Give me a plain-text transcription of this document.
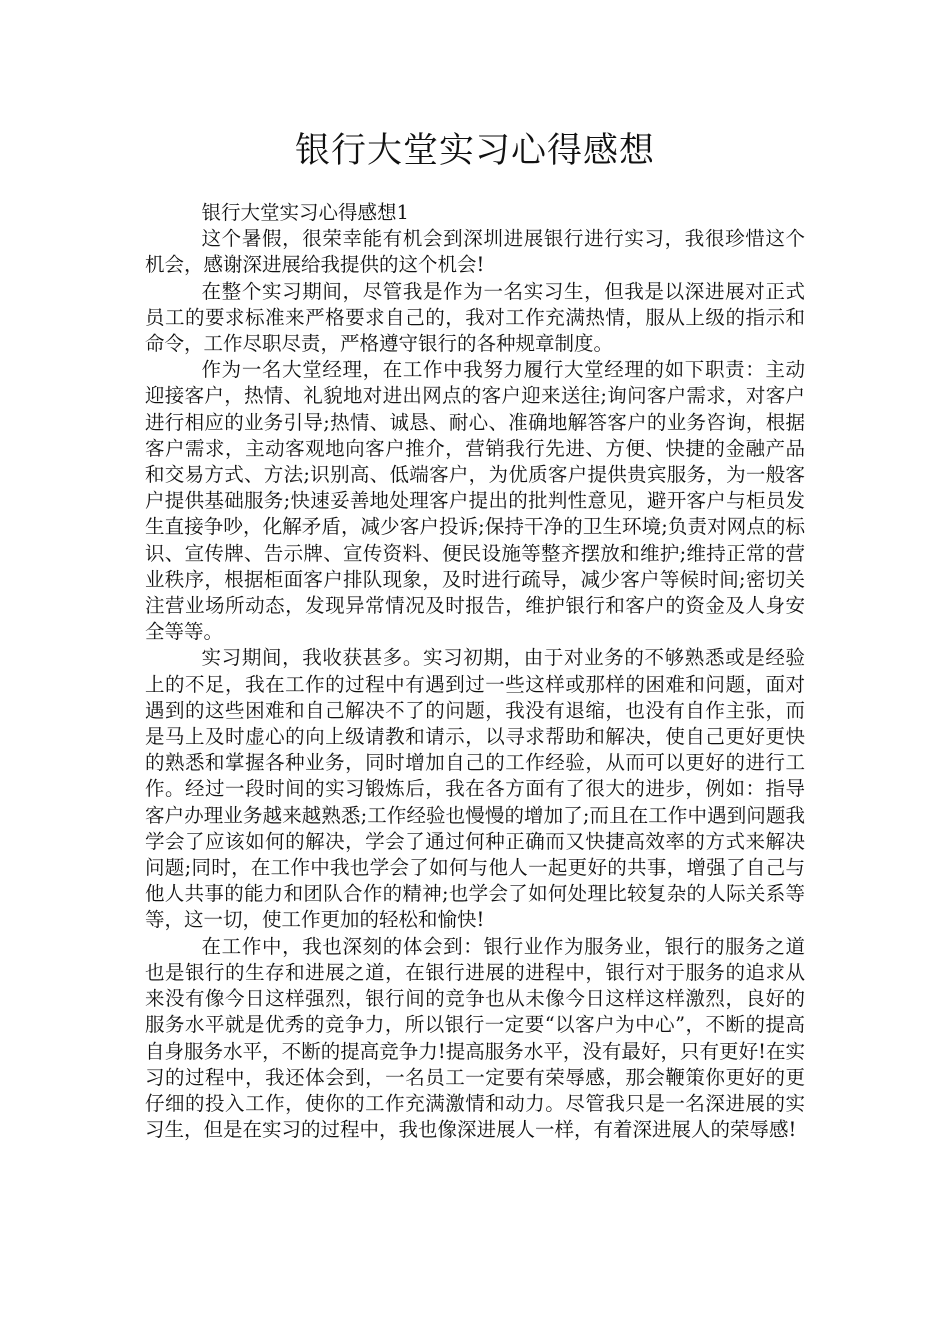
银行大堂实习心得感想

银行大堂实习心得感想1

这个暑假，很荣幸能有机会到深圳进展银行进行实习，我很珍惜这个机会，感谢深进展给我提供的这个机会!

在整个实习期间，尽管我是作为一名实习生，但我是以深进展对正式员工的要求标准来严格要求自己的，我对工作充满热情，服从上级的指示和命令，工作尽职尽责，严格遵守银行的各种规章制度。

作为一名大堂经理，在工作中我努力履行大堂经理的如下职责：主动迎接客户，热情、礼貌地对进出网点的客户迎来送往;询问客户需求，对客户进行相应的业务引导;热情、诚恳、耐心、准确地解答客户的业务咨询，根据客户需求，主动客观地向客户推介，营销我行先进、方便、快捷的金融产品和交易方式、方法;识别高、低端客户，为优质客户提供贵宾服务，为一般客户提供基础服务;快速妥善地处理客户提出的批判性意见，避开客户与柜员发生直接争吵，化解矛盾，减少客户投诉;保持干净的卫生环境;负责对网点的标识、宣传牌、告示牌、宣传资料、便民设施等整齐摆放和维护;维持正常的营业秩序，根据柜面客户排队现象，及时进行疏导，减少客户等候时间;密切关注营业场所动态，发现异常情况及时报告，维护银行和客户的资金及人身安全等等。

实习期间，我收获甚多。实习初期，由于对业务的不够熟悉或是经验上的不足，我在工作的过程中有遇到过一些这样或那样的困难和问题，面对遇到的这些困难和自己解决不了的问题，我没有退缩，也没有自作主张，而是马上及时虚心的向上级请教和请示，以寻求帮助和解决，使自己更好更快的熟悉和掌握各种业务，同时增加自己的工作经验，从而可以更好的进行工作。经过一段时间的实习锻炼后，我在各方面有了很大的进步，例如：指导客户办理业务越来越熟悉;工作经验也慢慢的增加了;而且在工作中遇到问题我学会了应该如何的解决，学会了通过何种正确而又快捷高效率的方式来解决问题;同时，在工作中我也学会了如何与他人一起更好的共事，增强了自己与他人共事的能力和团队合作的精神;也学会了如何处理比较复杂的人际关系等等，这一切，使工作更加的轻松和愉快!

在工作中，我也深刻的体会到：银行业作为服务业，银行的服务之道也是银行的生存和进展之道，在银行进展的进程中，银行对于服务的追求从来没有像今日这样强烈，银行间的竞争也从未像今日这样这样激烈，良好的服务水平就是优秀的竞争力，所以银行一定要“以客户为中心”，不断的提高自身服务水平，不断的提高竞争力!提高服务水平，没有最好，只有更好!在实习的过程中，我还体会到，一名员工一定要有荣辱感，那会鞭策你更好的更仔细的投入工作，使你的工作充满激情和动力。尽管我只是一名深进展的实习生，但是在实习的过程中，我也像深进展人一样，有着深进展人的荣辱感!
